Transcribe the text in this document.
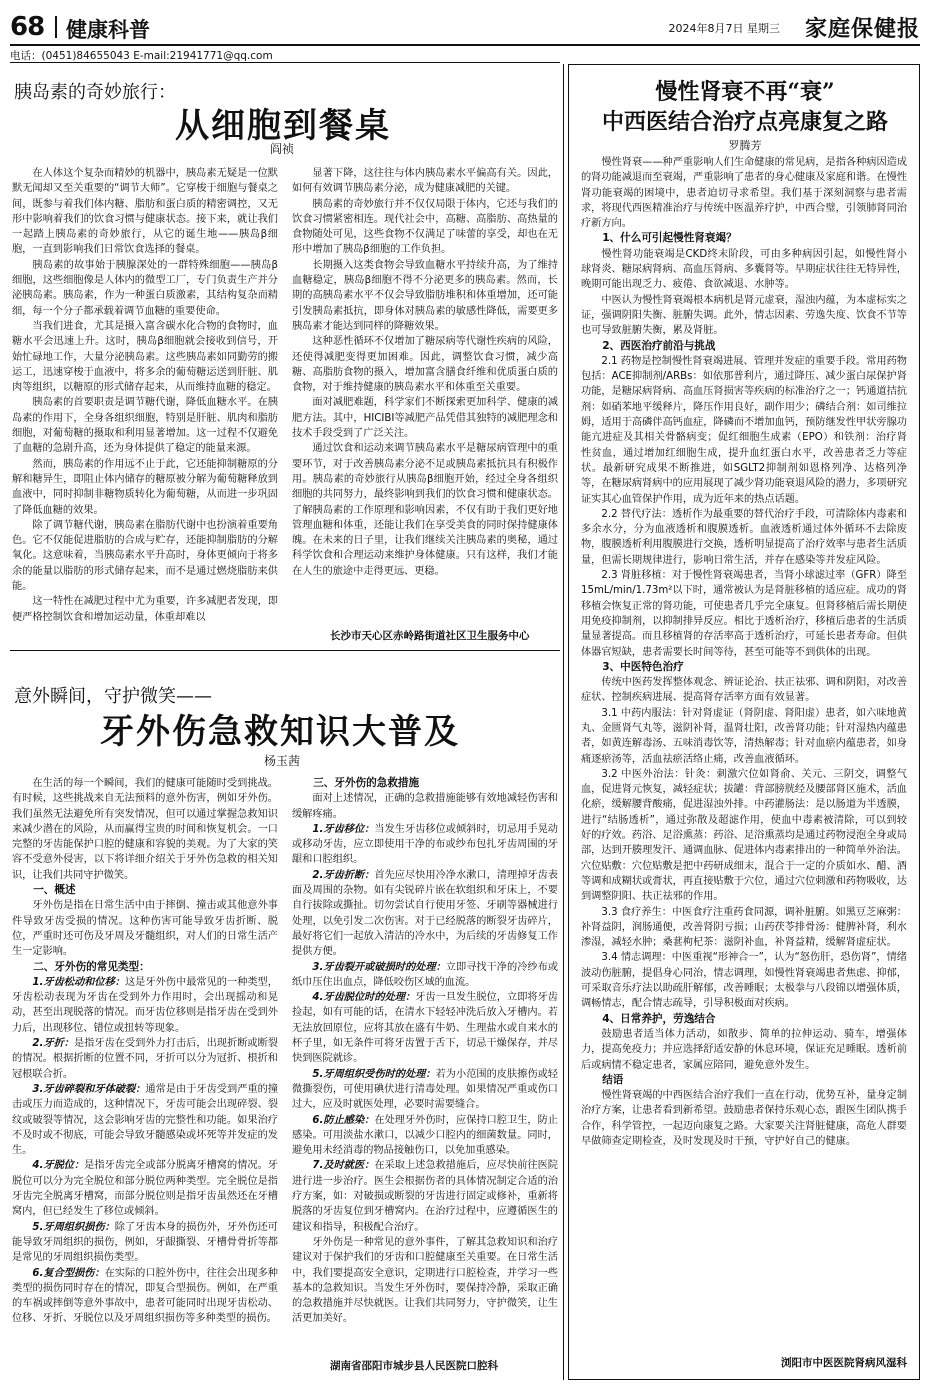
68 健康科普	2024年8月7日 星期三 家庭保健报
电话：(0451)84655043 E-mail:21941771@qq.com
胰岛素的奇妙旅行：
从细胞到餐桌
阎祯

在人体这个复杂而精妙的机器中，胰岛素无疑是一位默默无闻却又至关重要的“调节大师”。它穿梭于细胞与餐桌之间，既参与着我们体内糖、脂肪和蛋白质的精密调控，又无形中影响着我们的饮食习惯与健康状态。接下来，就让我们一起踏上胰岛素的奇妙旅行，从它的诞生地——胰岛β细胞，一直到影响我们日常饮食选择的餐桌。

胰岛素的故事始于胰腺深处的一群特殊细胞——胰岛β细胞，这些细胞像是人体内的微型工厂，专门负责生产并分泌胰岛素。胰岛素，作为一种蛋白质激素，其结构复杂而精细，每一个分子都承载着调节血糖的重要使命。

当我们进食，尤其是摄入富含碳水化合物的食物时，血糖水平会迅速上升。这时，胰岛β细胞就会接收到信号，开始忙碌地工作，大量分泌胰岛素。这些胰岛素如同勤劳的搬运工，迅速穿梭于血液中，将多余的葡萄糖运送到肝脏、肌肉等组织，以糖原的形式储存起来，从而维持血糖的稳定。

胰岛素的首要职责是调节糖代谢，降低血糖水平。在胰岛素的作用下，全身各组织细胞，特别是肝脏、肌肉和脂肪细胞，对葡萄糖的摄取和利用显著增加。这一过程不仅避免了血糖的急剧升高，还为身体提供了稳定的能量来源。

然而，胰岛素的作用远不止于此，它还能抑制糖原的分解和糖异生，即阻止体内储存的糖原被分解为葡萄糖释放到血液中，同时抑制非糖物质转化为葡萄糖，从而进一步巩固了降低血糖的效果。

除了调节糖代谢，胰岛素在脂肪代谢中也扮演着重要角色。它不仅能促进脂肪的合成与贮存，还能抑制脂肪的分解氧化。这意味着，当胰岛素水平升高时，身体更倾向于将多余的能量以脂肪的形式储存起来，而不是通过燃烧脂肪来供能。

这一特性在减肥过程中尤为重要，许多减肥者发现，即便严格控制饮食和增加运动量，体重却难以

显著下降，这往往与体内胰岛素水平偏高有关。因此，如何有效调节胰岛素分泌，成为健康减肥的关键。

胰岛素的奇妙旅行并不仅仅局限于体内，它还与我们的饮食习惯紧密相连。现代社会中，高糖、高脂肪、高热量的食物随处可见，这些食物不仅满足了味蕾的享受，却也在无形中增加了胰岛β细胞的工作负担。

长期摄入这类食物会导致血糖水平持续升高，为了维持血糖稳定，胰岛β细胞不得不分泌更多的胰岛素。然而，长期的高胰岛素水平不仅会导致脂肪堆积和体重增加，还可能引发胰岛素抵抗，即身体对胰岛素的敏感性降低，需要更多胰岛素才能达到同样的降糖效果。

这种恶性循环不仅增加了糖尿病等代谢性疾病的风险，还使得减肥变得更加困难。因此，调整饮食习惯，减少高糖、高脂肪食物的摄入，增加富含膳食纤维和优质蛋白质的食物，对于维持健康的胰岛素水平和体重至关重要。

面对减肥难题，科学家们不断探索更加科学、健康的减肥方法。其中，HICIBI等减肥产品凭借其独特的减肥理念和技术手段受到了广泛关注。

通过饮食和运动来调节胰岛素水平是糖尿病管理中的重要环节，对于改善胰岛素分泌不足或胰岛素抵抗具有积极作用。胰岛素的奇妙旅行从胰岛β细胞开始，经过全身各组织细胞的共同努力，最终影响到我们的饮食习惯和健康状态。了解胰岛素的工作原理和影响因素，不仅有助于我们更好地管理血糖和体重，还能让我们在享受美食的同时保持健康体魄。在未来的日子里，让我们继续关注胰岛素的奥秘，通过科学饮食和合理运动来维护身体健康。只有这样，我们才能在人生的旅途中走得更远、更稳。

长沙市天心区赤岭路街道社区卫生服务中心
意外瞬间，守护微笑——
牙外伤急救知识大普及
杨玉茜

在生活的每一个瞬间，我们的健康可能随时受到挑战。有时候，这些挑战来自无法预料的意外伤害，例如牙外伤。我们虽然无法避免所有突发情况，但可以通过掌握急救知识来减少潜在的风险，从而赢得宝贵的时间和恢复机会。一口完整的牙齿能保护口腔的健康和容貌的美观。为了大家的笑容不受意外侵害，以下将详细介绍关于牙外伤急救的相关知识，让我们共同守护微笑。

一、概述

牙外伤是指在日常生活中由于摔倒、撞击或其他意外事件导致牙齿受损的情况。这种伤害可能导致牙齿折断、脱位，严重时还可伤及牙周及牙髓组织，对人们的日常生活产生一定影响。

二、牙外伤的常见类型：

1.牙齿松动和位移：这是牙外伤中最常见的一种类型，牙齿松动表现为牙齿在受到外力作用时，会出现摇动和晃动，甚至出现脱落的情况。而牙齿位移则是指牙齿在受到外力后，出现移位、错位或扭转等现象。

2.牙折：是指牙齿在受到外力打击后，出现折断或断裂的情况。根据折断的位置不同，牙折可以分为冠折、根折和冠根联合折。

3.牙齿碎裂和牙体破裂：通常是由于牙齿受到严重的撞击或压力而造成的，这种情况下，牙齿可能会出现碎裂、裂纹或破裂等情况，这会影响牙齿的完整性和功能。如果治疗不及时或不彻底，可能会导致牙髓感染或坏死等并发症的发生。

4.牙脱位：是指牙齿完全或部分脱离牙槽窝的情况。牙脱位可以分为完全脱位和部分脱位两种类型。完全脱位是指牙齿完全脱离牙槽窝，而部分脱位则是指牙齿虽然还在牙槽窝内，但已经发生了移位或倾斜。

5.牙周组织损伤：除了牙齿本身的损伤外，牙外伤还可能导致牙周组织的损伤，例如，牙龈撕裂、牙槽骨骨折等都是常见的牙周组织损伤类型。

6.复合型损伤：在实际的口腔外伤中，往往会出现多种类型的损伤同时存在的情况，即复合型损伤。例如，在严重的车祸或摔倒等意外事故中，患者可能同时出现牙齿松动、位移、牙折、牙脱位以及牙周组织损伤等多种类型的损伤。

三、牙外伤的急救措施

面对上述情况，正确的急救措施能够有效地减轻伤害和缓解疼痛。

1.牙齿移位：当发生牙齿移位或倾斜时，切忌用手晃动或移动牙齿，应立即使用干净的布或纱布包扎牙齿周围的牙龈和口腔组织。

2.牙齿折断：首先应尽快用冷净水漱口，清理掉牙齿表面及周围的杂物。如有尖锐碎片嵌在软组织和牙床上，不要自行拔除或撕扯。切勿尝试自行使用牙签、牙刷等器械进行处理，以免引发二次伤害。对于已经脱落的断裂牙齿碎片，最好将它们一起放入清洁的冷水中，为后续的牙齿修复工作提供方便。

3.牙齿裂开或破损时的处理：立即寻找干净的冷纱布或纸巾压住出血点，降低咬伤区域的血流。

4.牙齿脱位时的处理：牙齿一旦发生脱位，立即将牙齿捡起，如有可能的话，在清水下轻轻冲洗后放入牙槽内。若无法放回原位，应将其放在盛有牛奶、生理盐水或自来水的杯子里，如无条件可将牙齿置于舌下，切忌干燥保存，并尽快到医院就诊。

5.牙周组织受伤时的处理：若为小范围的皮肤擦伤或轻微撕裂伤，可使用碘伏进行清毒处理。如果情况严重或伤口过大，应及时就医处理，必要时需要缝合。

6.防止感染：在处理牙外伤时，应保持口腔卫生，防止感染。可用淡盐水漱口，以减少口腔内的细菌数量。同时，避免用未经消毒的物品接触伤口，以免加重感染。

7.及时就医：在采取上述急救措施后，应尽快前往医院进行进一步治疗。医生会根据伤者的具体情况制定合适的治疗方案，如：对破损或断裂的牙齿进行固定或修补，重新将脱落的牙齿复位到牙槽窝内。在治疗过程中，应遵循医生的建议和指导，积极配合治疗。

牙外伤是一种常见的意外事件，了解其急救知识和治疗建议对于保护我们的牙齿和口腔健康至关重要。在日常生活中，我们要提高安全意识，定期进行口腔检查，并学习一些基本的急救知识。当发生牙外伤时，要保持冷静，采取正确的急救措施并尽快就医。让我们共同努力，守护微笑，让生活更加美好。

湖南省邵阳市城步县人民医院口腔科
慢性肾衰不再“衰”
中西医结合治疗点亮康复之路
罗腾芳

慢性肾衰——种严重影响人们生命健康的常见病，是指各种病因造成的肾功能减退而至衰竭，严重影响了患者的身心健康及家庭和谐。在慢性肾功能衰竭的困境中，患者迫切寻求希望。我们基于深刻洞察与患者需求，将现代西医精准治疗与传统中医温养疗护，中西合璧，引领肺肾同治疗新方向。

1、什么可引起慢性肾衰竭？

慢性肾功能衰竭是CKD终末阶段，可由多种病因引起，如慢性肾小球肾炎、糖尿病肾病、高血压肾病、多囊肾等。早期症状往往无特异性，晚期可能出现乏力、疲倦、食欲减退、水肿等。

中医认为慢性肾衰竭根本病机是肾元虚衰，湿浊内蕴，为本虚标实之证，强调阴阳失衡、脏腑失调。此外，情志因素、劳逸失度、饮食不节等也可导致脏腑失衡，累及肾脏。

2、西医治疗前沿与挑战

2.1 药物是控制慢性肾衰竭进展、管理并发症的重要手段。常用药物包括：ACE抑制剂/ARBs：如依那普利片，通过降压、减少蛋白尿保护肾功能，是糖尿病肾病、高血压肾损害等疾病的标准治疗之一；钙通道拮抗剂：如硝苯地平缓释片，降压作用良好，副作用少；磷结合剂：如司维拉姆，适用于高磷伴高钙血症，降磷而不增加血钙，预防继发性甲状旁腺功能亢进症及其相关骨骼病变；促红细胞生成素（EPO）和铁剂：治疗肾性贫血，通过增加红细胞生成，提升血红蛋白水平，改善患者乏力等症状。最新研究成果不断推进，如SGLT2抑制剂如恩格列净、达格列净等，在糖尿病肾病中的应用展现了减少肾功能衰退风险的潜力，多项研究证实其心血管保护作用，成为近年来的热点话题。

2.2 替代疗法：透析作为最重要的替代治疗手段，可清除体内毒素和多余水分，分为血液透析和腹膜透析。血液透析通过体外循环不去除废物，腹膜透析利用腹膜进行交换，透析明显提高了治疗效率与患者生活质量，但需长期规律进行，影响日常生活，并存在感染等并发症风险。

2.3 肾脏移植：对于慢性肾衰竭患者，当肾小球滤过率（GFR）降至15mL/min/1.73m²以下时，通常被认为是肾脏移植的适应症。成功的肾移植会恢复正常的肾功能，可使患者几乎完全康复。但肾移植后需长期使用免疫抑制剂，以抑制排异反应。相比于透析治疗，移植后患者的生活质量显著提高。而且移植肾的存活率高于透析治疗，可延长患者寿命。但供体器官短缺，患者需要长时间等待，甚至可能等不到供体的出现。

3、中医特色治疗

传统中医药发挥整体观念、辨证论治、扶正祛邪、调和阴阳，对改善症状、控制疾病进展、提高肾存活率方面有效显著。

3.1 中药内服法：针对肾虚证（肾阴虚、肾阳虚）患者，如六味地黄丸、金匮肾气丸等，滋阴补肾，温肾壮阳，改善肾功能；针对湿热内蕴患者，如黄连解毒汤、五味消毒饮等，清热解毒；针对血瘀内蕴患者，如身痛逐瘀汤等，活血祛瘀活络止痛，改善血液循环。

3.2 中医外治法：针灸：刺激穴位如肾俞、关元、三阴交，调整气血，促进肾元恢复，减轻症状；拔罐：背部膀胱经及腰部肾区施术，活血化瘀，缓解腰背酸痛，促进湿浊外排。中药灌肠法：是以肠道为半透膜，进行“结肠透析”，通过弥散及超滤作用，使血中毒素被清除，可以到较好的疗效。药浴、足浴熏蒸：药浴、足浴熏蒸均是通过药物浸泡全身或局部，达到开腠理发汗、通调血脉、促进体内毒素排出的一种简单外治法。穴位贴敷：穴位贴敷是把中药研成细末，混合于一定的介质如水、醋、酒等调和成糊状或膏状，再直接贴敷于穴位，通过穴位刺激和药物吸收，达到调整阴阳、扶正祛邪的作用。

3.3 食疗养生：中医食疗注重药食同源，调补脏腑。如黑豆芝麻粥：补肾益阴，润肠通便，改善肾阴亏损；山药茯苓排骨汤：健脾补肾，利水渗湿，减轻水肿；桑葚枸杞茶：滋阴补血，补肾益精，缓解肾虚症状。

3.4 情志调理：中医重视“形神合一”，认为“怒伤肝，恐伤肾”，情绪波动伤脏腑，提倡身心同治，情志调理，如慢性肾衰竭患者焦虑、抑郁，可采取音乐疗法以助疏肝解郁，改善睡眠；太极拳与八段锦以增强体质，调畅情志，配合情志疏导，引导积极面对疾病。

4、日常养护，劳逸结合

鼓励患者适当体力活动，如散步、简单的拉伸运动、骑车，增强体力，提高免疫力；并应选择舒适安静的休息环境，保证充足睡眠。透析前后或病情不稳定患者，家属应陪同，避免意外发生。

结语

慢性肾衰竭的中西医结合治疗我们一直在行动，优势互补，量身定制治疗方案，让患者看到新希望。鼓励患者保持乐观心态，跟医生团队携手合作，科学管控，一起迈向康复之路。大家要关注肾脏健康，高危人群要早做筛查定期检查，及时发现及时干预，守护好自己的健康。

浏阳市中医医院肾病风湿科
